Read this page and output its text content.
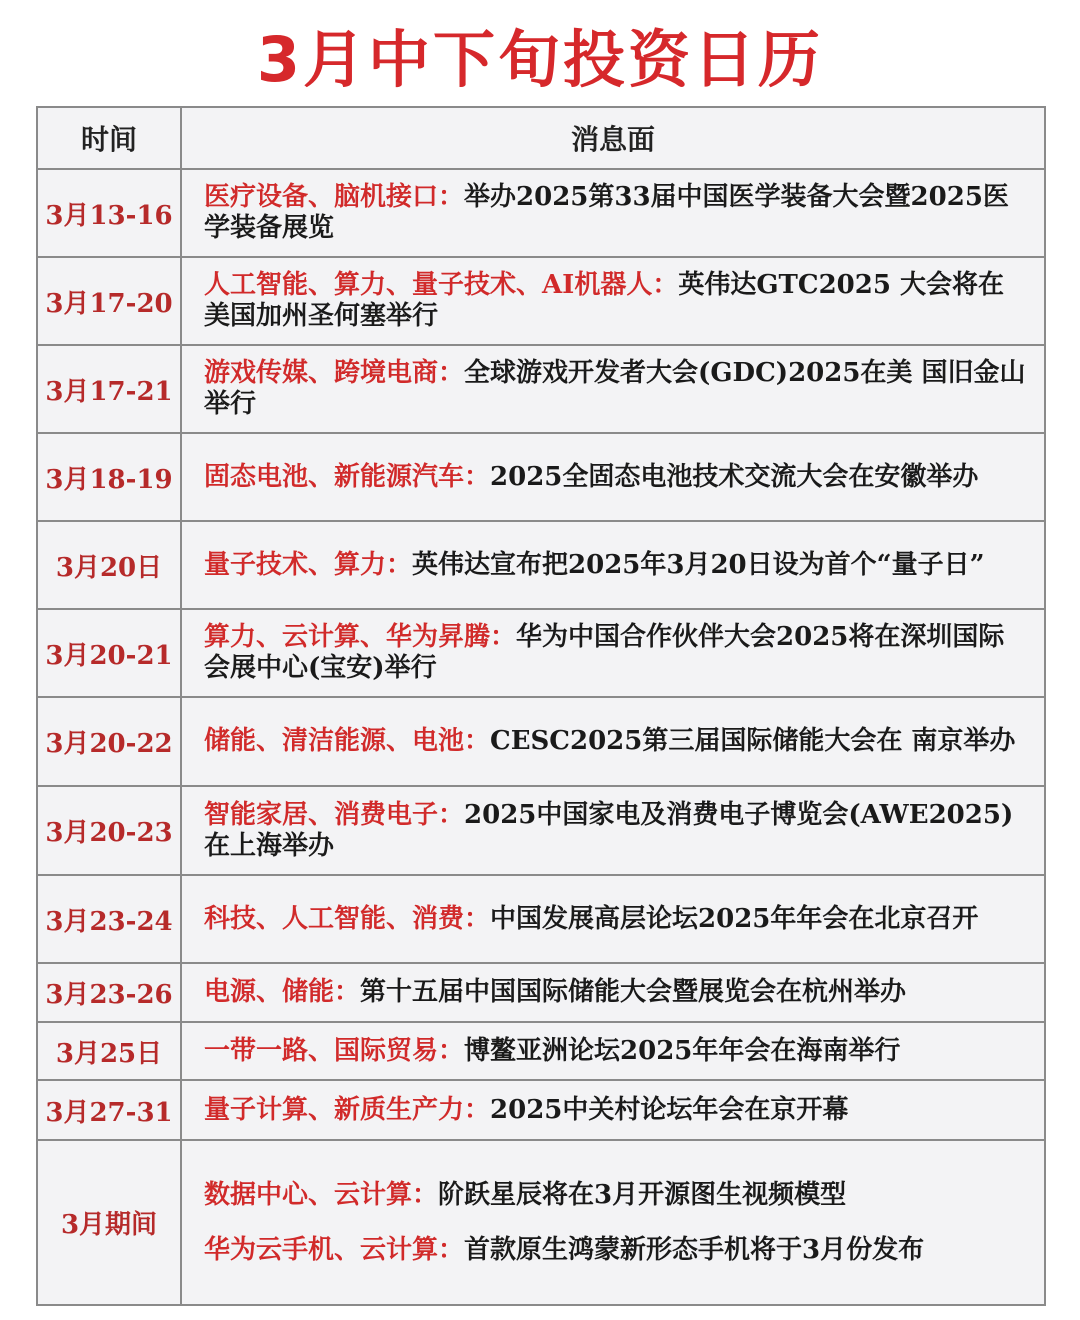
3月中下旬投资日历
时间	消息面
3月13-16	医疗设备、脑机接口：举办2025第33届中国医学装备大会暨2025医学装备展览

3月17-20	人工智能、算力、量子技术、AI机器人：英伟达GTC2025 大会将在美国加州圣何塞举行

3月17-21	游戏传媒、跨境电商：全球游戏开发者大会(GDC)2025在美 国旧金山举行

3月18-19	固态电池、新能源汽车：2025全固态电池技术交流大会在安徽举办

3月20日	量子技术、算力：英伟达宣布把2025年3月20日设为首个“量子日”

3月20-21	算力、云计算、华为昇腾：华为中国合作伙伴大会2025将在深圳国际会展中心(宝安)举行

3月20-22	储能、清洁能源、电池：CESC2025第三届国际储能大会在 南京举办

3月20-23	智能家居、消费电子：2025中国家电及消费电子博览会(AWE2025)在上海举办

3月23-24	科技、人工智能、消费：中国发展高层论坛2025年年会在北京召开

3月23-26	电源、储能：第十五届中国国际储能大会暨展览会在杭州举办

3月25日	一带一路、国际贸易：博鳌亚洲论坛2025年年会在海南举行

3月27-31	量子计算、新质生产力：2025中关村论坛年会在京开幕

3月期间	数据中心、云计算：阶跃星辰将在3月开源图生视频模型
华为云手机、云计算：首款原生鸿蒙新形态手机将于3月份发布
